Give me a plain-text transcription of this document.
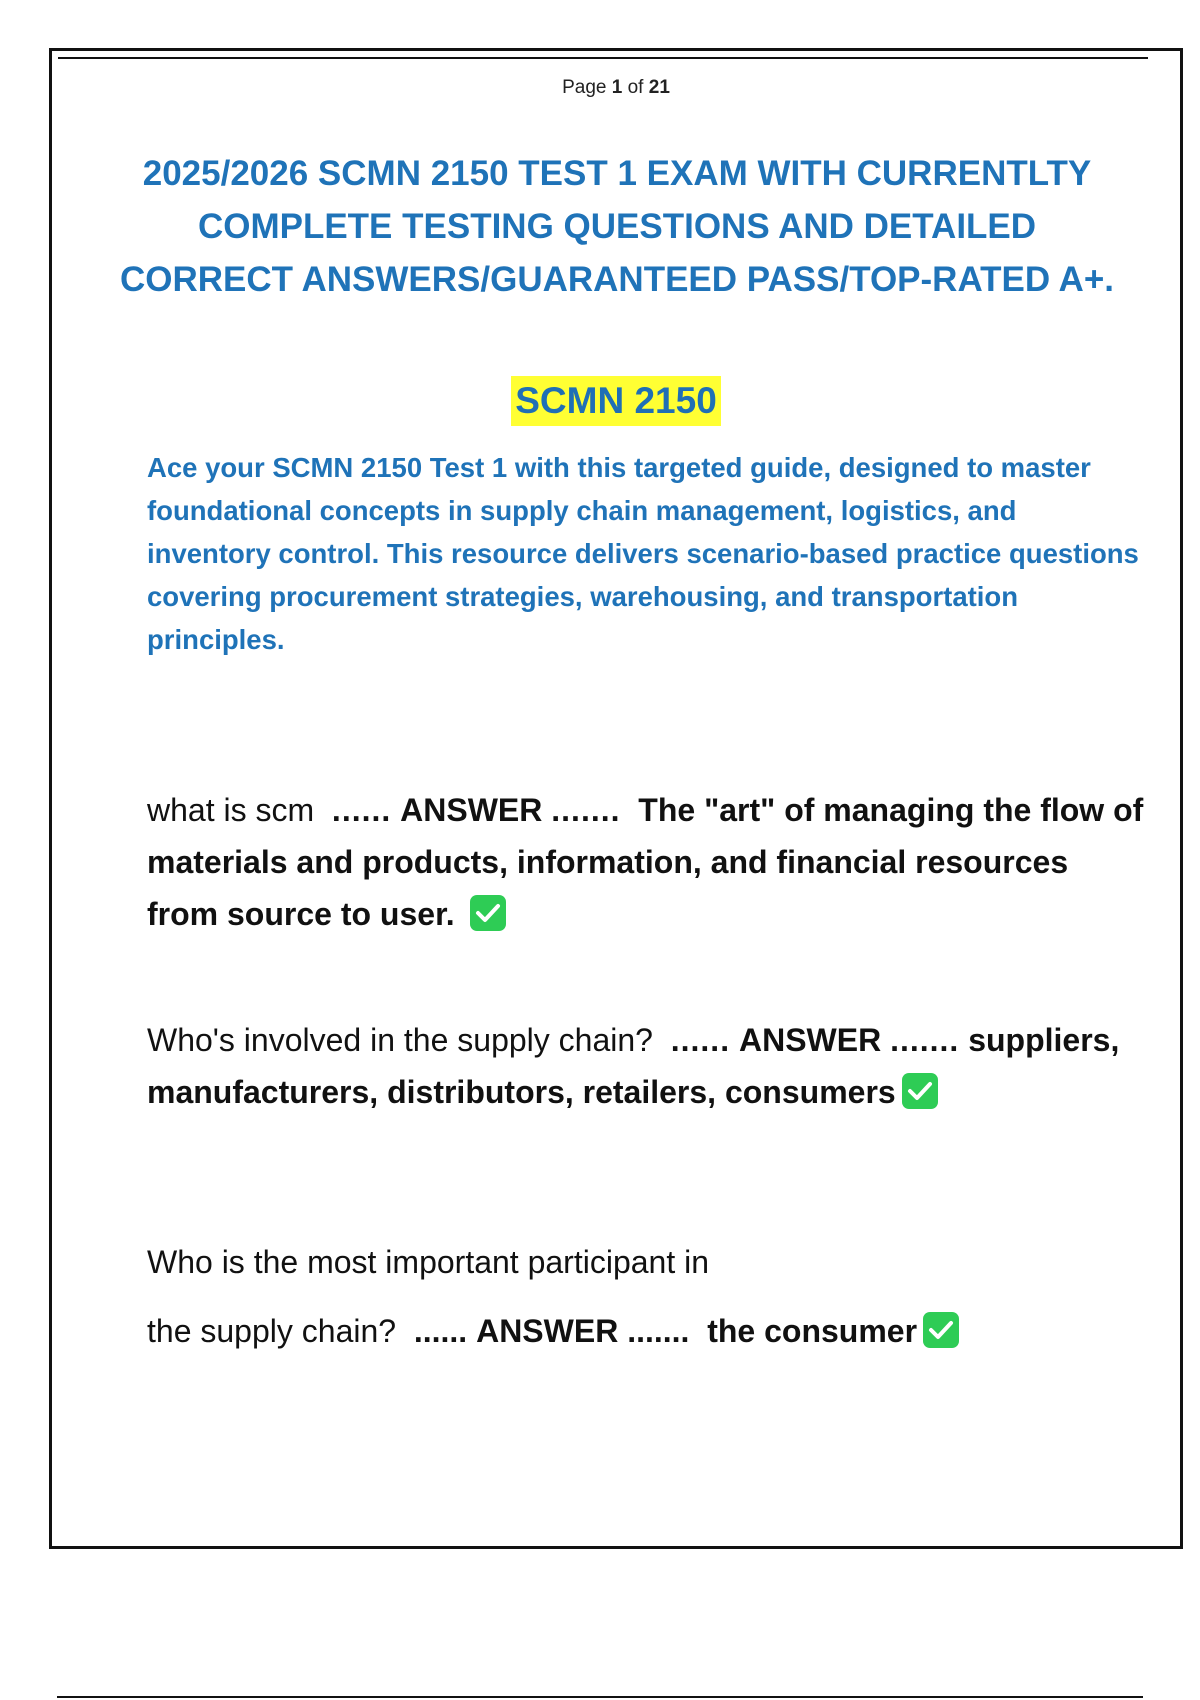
Page 1 of 21
2025/2026 SCMN 2150 TEST 1 EXAM WITH CURRENTLTY COMPLETE TESTING QUESTIONS AND DETAILED CORRECT ANSWERS/GUARANTEED PASS/TOP-RATED A+.
SCMN 2150

Ace your SCMN 2150 Test 1 with this targeted guide, designed to master foundational concepts in supply chain management, logistics, and inventory control. This resource delivers scenario-based practice questions covering procurement strategies, warehousing, and transportation principles.

what is scm ...... ANSWER ....... The "art" of managing the flow of materials and products, information, and financial resources from source to user.

Who's involved in the supply chain? ...... ANSWER ....... suppliers, manufacturers, distributors, retailers, consumers

Who is the most important participant in

the supply chain? ...... ANSWER ....... the consumer
